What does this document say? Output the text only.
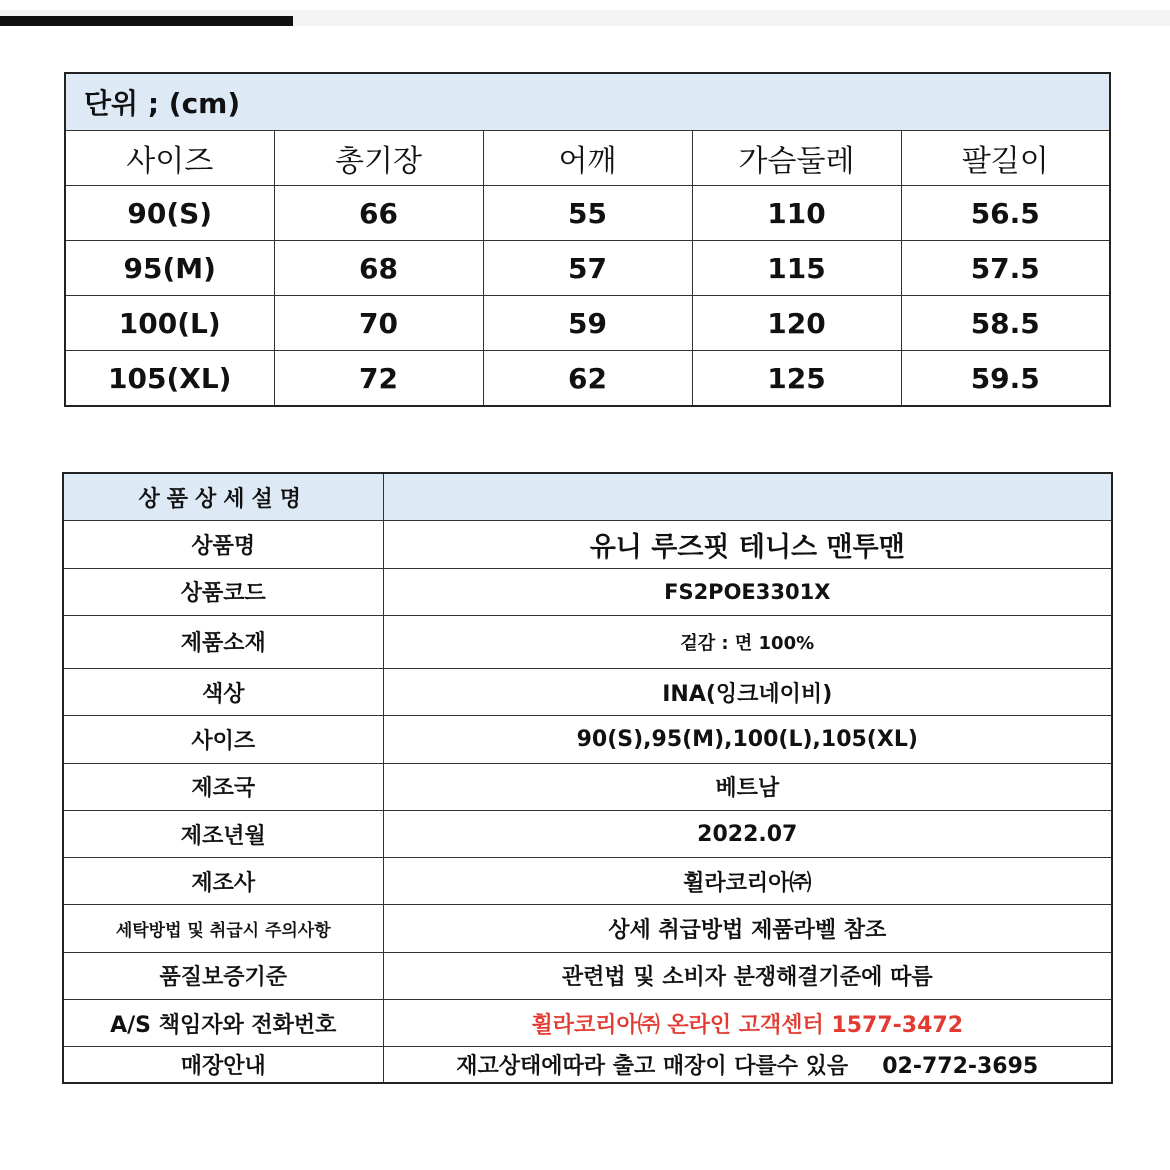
단위 ; (cm)				
사이즈	총기장	어깨	가슴둘레	팔길이
90(S)	66	55	110	56.5
95(M)	68	57	115	57.5
100(L)	70	59	120	58.5
105(XL)	72	62	125	59.5
상품상세설명	
상품명	유니 루즈핏 테니스 맨투맨
상품코드	FS2POE3301X
제품소재	겉감 : 면 100%
색상	INA(잉크네이비)
사이즈	90(S),95(M),100(L),105(XL)
제조국	베트남
제조년월	2022.07
제조사	휠라코리아㈜
세탁방법 및 취급시 주의사항	상세 취급방법 제품라벨 참조
품질보증기준	관련법 및 소비자 분쟁해결기준에 따름
A/S 책임자와 전화번호	휠라코리아㈜ 온라인 고객센터 1577-3472
매장안내	재고상태에따라 출고 매장이 다를수 있음 02-772-3695
